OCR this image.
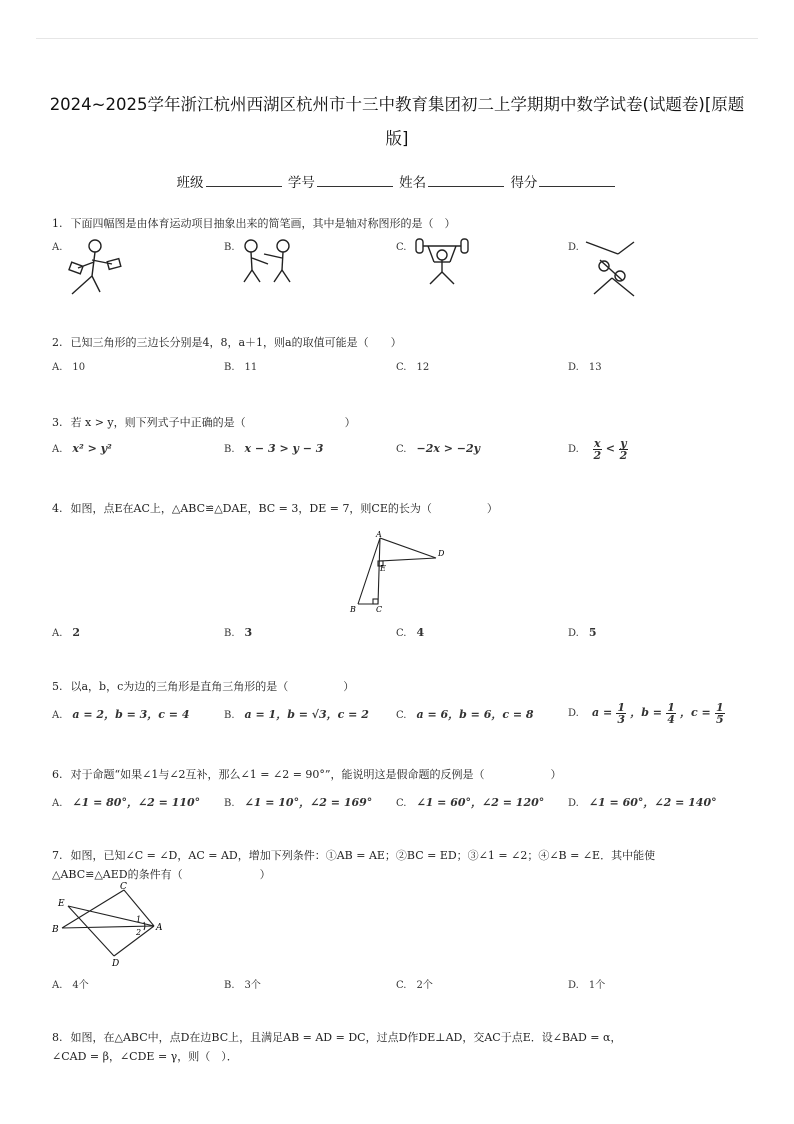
2024~2025学年浙江杭州西湖区杭州市十三中教育集团初二上学期期中数学试卷(试题卷)[原题
版]
班级	学号	姓名	得分
1. 下面四幅图是由体育运动项目抽象出来的简笔画，其中是轴对称图形的是（　）
A.	B.	C.	D.
2. 已知三角形的三边长分别是4，8，a＋1，则a的取值可能是（　　）
A. 10	B. 11	C. 12	D. 13
3. 若 x > y，则下列式子中正确的是（　　　　　　　　　）
A. x² > y²	B. x − 3 > y − 3	C. −2x > −2y	D. $\frac{x}{2} < \frac{y}{2}$
4. 如图，点E在AC上，△ABC≌△DAE，BC = 3，DE = 7，则CE的长为（　　　　　）
A
D
E
B	C
A. 2	B. 3	C. 4	D. 5
5. 以a，b，c为边的三角形是直角三角形的是（　　　　　）
A. a = 2，b = 3，c = 4	B. a = 1，b = √3，c = 2	C. a = 6，b = 6，c = 8	D. $a = \frac{1}{3}$ ，$b = \frac{1}{4}$ ，$c = \frac{1}{5}$
6. 对于命题“如果∠1与∠2互补，那么∠1 = ∠2 = 90°”，能说明这是假命题的反例是（　　　　　　）
A. ∠1 = 80°，∠2 = 110° B. ∠1 = 10°，∠2 = 169° C. ∠1 = 60°，∠2 = 120° D. ∠1 = 60°，∠2 = 140°
7. 如图，已知∠C = ∠D，AC = AD，增加下列条件：①AB = AE；②BC = ED；③∠1 = ∠2；④∠B = ∠E．其中能使
△ABC≌△AED的条件有（　　　　　　　）
C
E
B	A
1
2
D
A. 4个	B. 3个	C. 2个	D. 1个
8. 如图，在△ABC中，点D在边BC上，且满足AB = AD = DC，过点D作DE⊥AD，交AC于点E．设∠BAD = α，
∠CAD = β，∠CDE = γ，则（　）．
